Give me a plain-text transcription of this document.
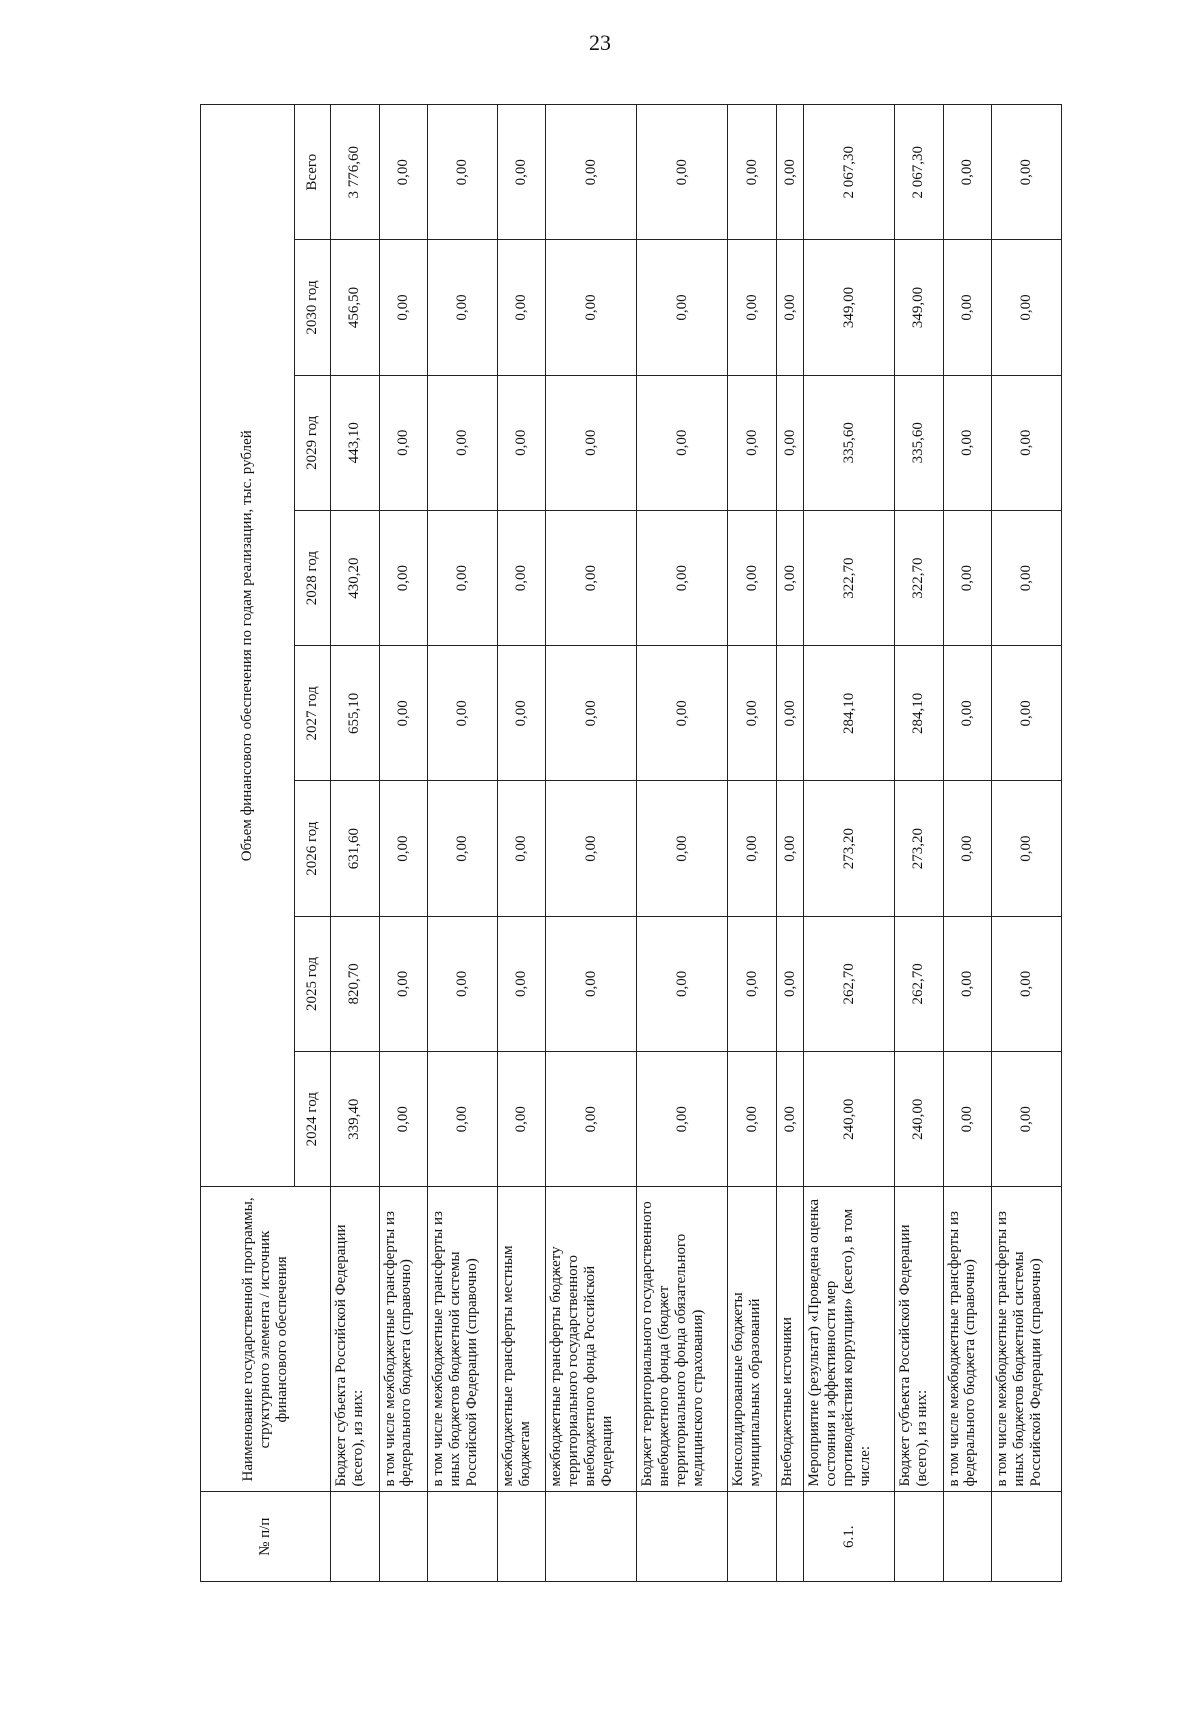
23
№ п/п	Наименование государственной программы, структурного элемента / источник финансового обеспечения	Объем финансового обеспечения по годам реализации, тыс. рублей							
		2024 год	2025 год	2026 год	2027 год	2028 год	2029 год	2030 год	Всего
	Бюджет субъекта Российской Федерации (всего), из них:	339,40	820,70	631,60	655,10	430,20	443,10	456,50	3 776,60
	в том числе межбюджетные трансферты из федерального бюджета (справочно)	0,00	0,00	0,00	0,00	0,00	0,00	0,00	0,00
	в том числе межбюджетные трансферты из иных бюджетов бюджетной системы Российской Федерации (справочно)	0,00	0,00	0,00	0,00	0,00	0,00	0,00	0,00
	межбюджетные трансферты местным бюджетам	0,00	0,00	0,00	0,00	0,00	0,00	0,00	0,00
	межбюджетные трансферты бюджету территориального государственного внебюджетного фонда Российской Федерации	0,00	0,00	0,00	0,00	0,00	0,00	0,00	0,00
	Бюджет территориального государственного внебюджетного фонда (бюджет территориального фонда обязательного медицинского страхования)	0,00	0,00	0,00	0,00	0,00	0,00	0,00	0,00
	Консолидированные бюджеты муниципальных образований	0,00	0,00	0,00	0,00	0,00	0,00	0,00	0,00
	Внебюджетные источники	0,00	0,00	0,00	0,00	0,00	0,00	0,00	0,00
6.1.	Мероприятие (результат) «Проведена оценка состояния и эффективности мер противодействия коррупции» (всего), в том числе:	240,00	262,70	273,20	284,10	322,70	335,60	349,00	2 067,30
	Бюджет субъекта Российской Федерации (всего), из них:	240,00	262,70	273,20	284,10	322,70	335,60	349,00	2 067,30
	в том числе межбюджетные трансферты из федерального бюджета (справочно)	0,00	0,00	0,00	0,00	0,00	0,00	0,00	0,00
	в том числе межбюджетные трансферты из иных бюджетов бюджетной системы Российской Федерации (справочно)	0,00	0,00	0,00	0,00	0,00	0,00	0,00	0,00
